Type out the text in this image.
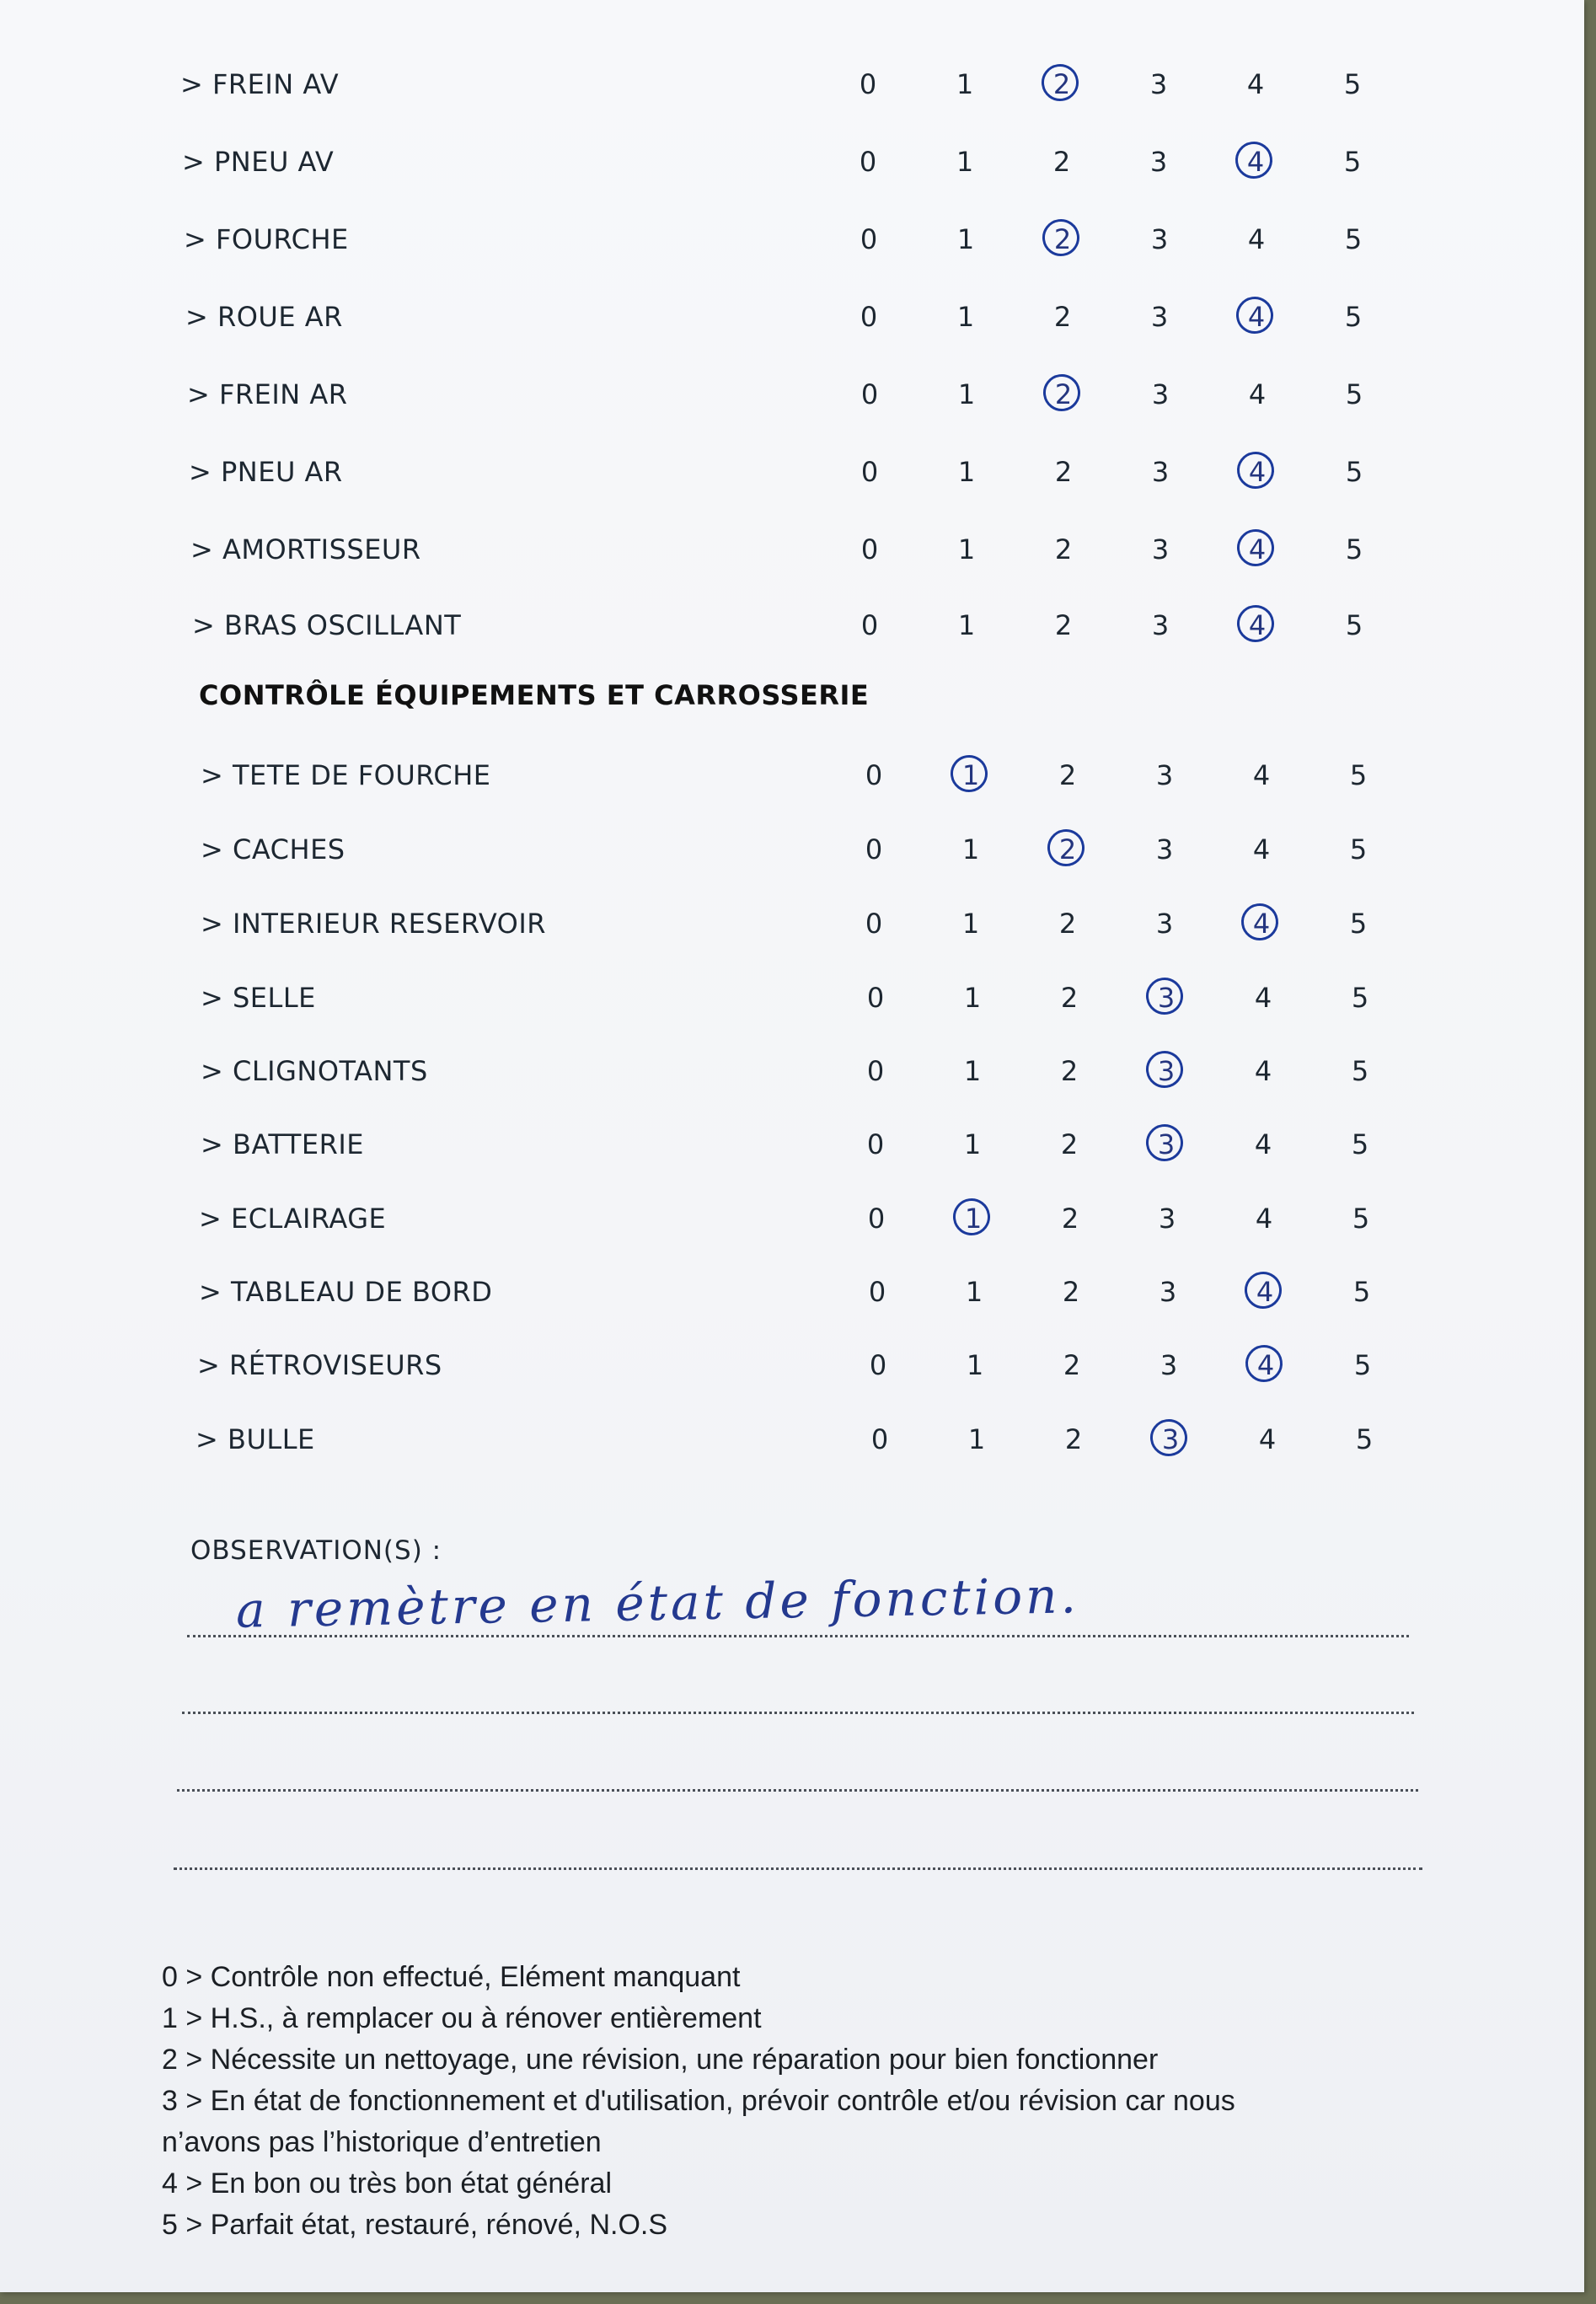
> FREIN AV	0	1	2	3	4	5
> PNEU AV	0	1	2	3	4	5
> FOURCHE	0	1	2	3	4	5
> ROUE AR	0	1	2	3	4	5
> FREIN AR	0	1	2	3	4	5
> PNEU AR	0	1	2	3	4	5
> AMORTISSEUR	0	1	2	3	4	5
> BRAS OSCILLANT	0	1	2	3	4	5
CONTRÔLE ÉQUIPEMENTS ET CARROSSERIE
> TETE DE FOURCHE	0	1	2	3	4	5
> CACHES	0	1	2	3	4	5
> INTERIEUR RESERVOIR	0	1	2	3	4	5
> SELLE	0	1	2	3	4	5
> CLIGNOTANTS	0	1	2	3	4	5
> BATTERIE	0	1	2	3	4	5
> ECLAIRAGE	0	1	2	3	4	5
> TABLEAU DE BORD	0	1	2	3	4	5
> RÉTROVISEURS	0	1	2	3	4	5
> BULLE	0	1	2	3	4	5
OBSERVATION(S) :
a remètre en état de fonction.
0 > Contrôle non effectué, Elément manquant
1 > H.S., à remplacer ou à rénover entièrement
2 > Nécessite un nettoyage, une révision, une réparation pour bien fonctionner
3 > En état de fonctionnement et d'utilisation, prévoir contrôle et/ou révision car nous
n’avons pas l’historique d’entretien
4 > En bon ou très bon état général
5 > Parfait état, restauré, rénové, N.O.S
